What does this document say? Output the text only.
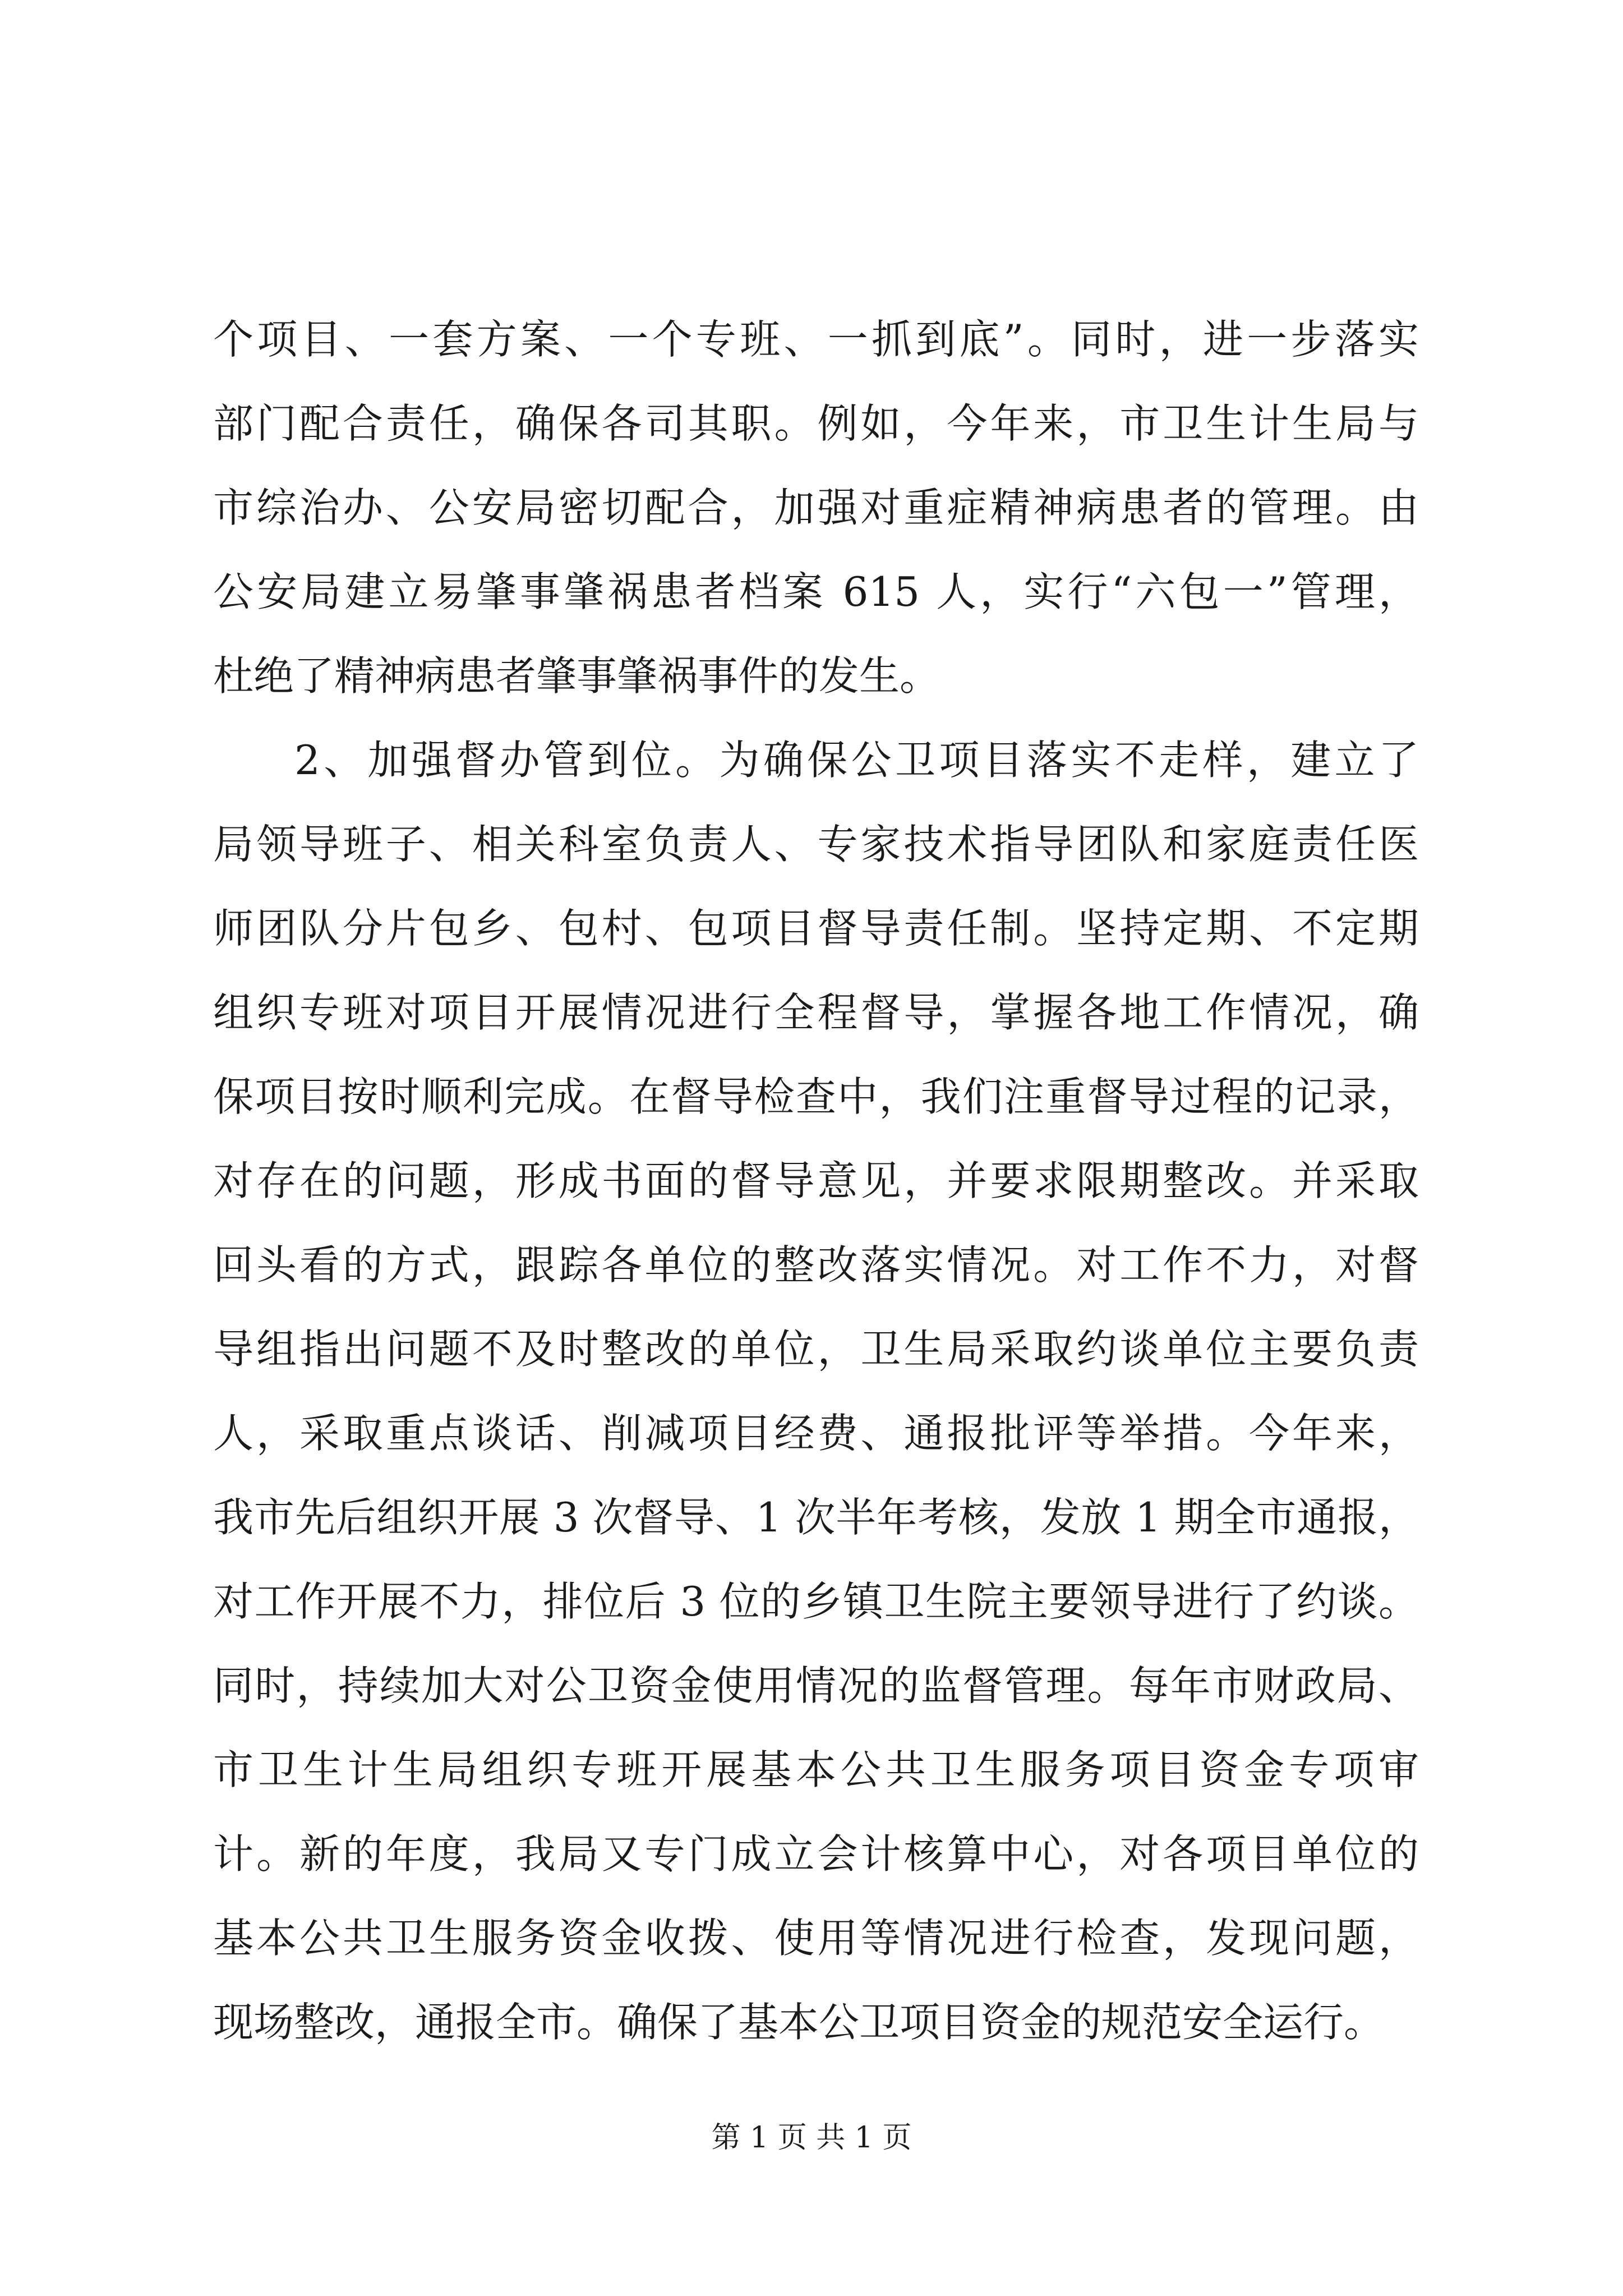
个项目、一套方案、一个专班、一抓到底”。同时，进一步落实
部门配合责任，确保各司其职。例如，今年来，市卫生计生局与
市综治办、公安局密切配合，加强对重症精神病患者的管理。由
公安局建立易肇事肇祸患者档案 615 人，实行“六包一”管理，
杜绝了精神病患者肇事肇祸事件的发生。
2、加强督办管到位。为确保公卫项目落实不走样，建立了
局领导班子、相关科室负责人、专家技术指导团队和家庭责任医
师团队分片包乡、包村、包项目督导责任制。坚持定期、不定期
组织专班对项目开展情况进行全程督导，掌握各地工作情况，确
保项目按时顺利完成。在督导检查中，我们注重督导过程的记录，
对存在的问题，形成书面的督导意见，并要求限期整改。并采取
回头看的方式，跟踪各单位的整改落实情况。对工作不力，对督
导组指出问题不及时整改的单位，卫生局采取约谈单位主要负责
人，采取重点谈话、削减项目经费、通报批评等举措。今年来，
我市先后组织开展 3 次督导、1 次半年考核，发放 1 期全市通报，
对工作开展不力，排位后 3 位的乡镇卫生院主要领导进行了约谈。
同时，持续加大对公卫资金使用情况的监督管理。每年市财政局、
市卫生计生局组织专班开展基本公共卫生服务项目资金专项审
计。新的年度，我局又专门成立会计核算中心，对各项目单位的
基本公共卫生服务资金收拨、使用等情况进行检查，发现问题，
现场整改，通报全市。确保了基本公卫项目资金的规范安全运行。
第 1 页 共 1 页
